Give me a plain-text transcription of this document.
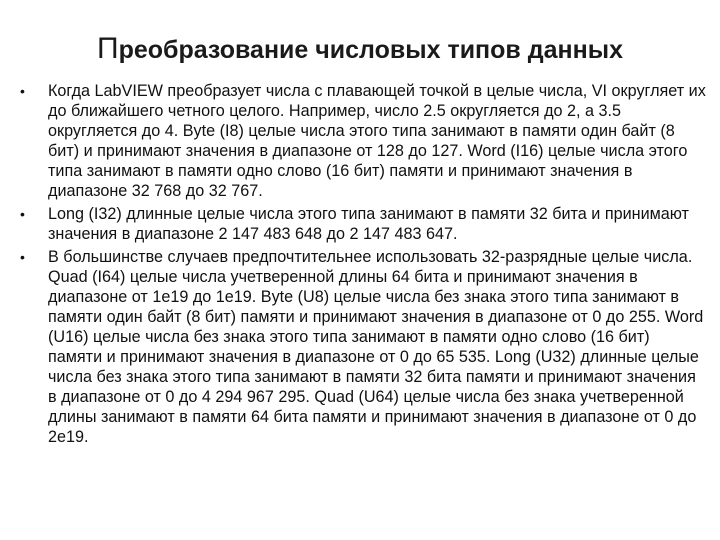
Преобразование числовых типов данных
•	Когда LabVIEW преобразует числа с плавающей точкой в целые числа, VI округляет их до ближайшего четного целого. Например, число 2.5 округляется до 2, а 3.5 округляется до 4. Byte (I8) целые числа этого типа занимают в памяти один байт (8 бит) и принимают значения в диапазоне от 128 до 127. Word (I16) целые числа этого типа занимают в памяти одно слово (16 бит) памяти и принимают значения в диапазоне 32 768 до 32 767.
•	Long (I32) длинные целые числа этого типа занимают в памяти 32 бита и принимают значения в диапазоне 2 147 483 648 до 2 147 483 647.
•	В большинстве случаев предпочтительнее использовать 32-разрядные целые числа. Quad (I64) целые числа учетверенной длины 64 бита и принимают значения в диапазоне от 1e19 до 1e19. Byte (U8) целые числа без знака этого типа занимают в памяти один байт (8 бит) памяти и принимают значения в диапазоне от 0 до 255. Word (U16) целые числа без знака этого типа занимают в памяти одно слово (16 бит) памяти и принимают значения в диапазоне от 0 до 65 535. Long (U32) длинные целые числа без знака этого типа занимают в памяти 32 бита памяти и принимают значения в диапазоне от 0 до 4 294 967 295. Quad (U64) целые числа без знака учетверенной длины занимают в памяти 64 бита памяти и принимают значения в диапазоне от 0 до 2e19.
